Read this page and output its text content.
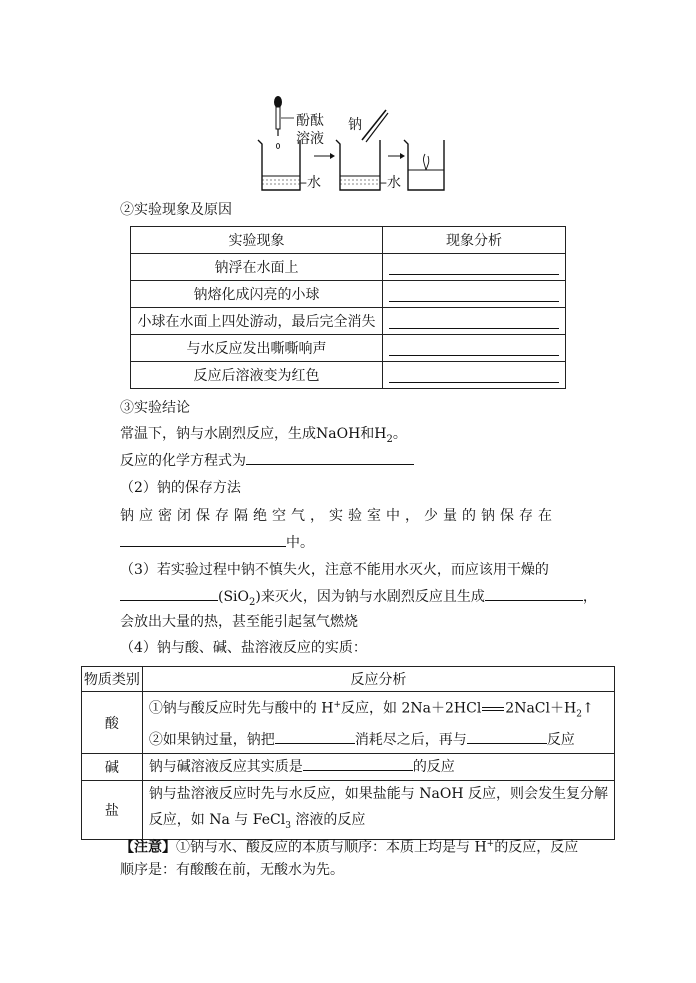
酚酞
溶液
钠
–水	–水
②实验现象及原因
实验现象	现象分析
钠浮在水面上	

钠熔化成闪亮的小球	

小球在水面上四处游动，最后完全消失	

与水反应发出嘶嘶响声	

反应后溶液变为红色	
③实验结论
常温下，钠与水剧烈反应，生成NaOH和$H_2$。
反应的化学方程式为
（2）钠的保存方法
钠应密闭保存隔绝空气，实验室中，少量的钠保存在
中。
（3）若实验过程中钠不慎失火，注意不能用水灭火，而应该用干燥的
(SiO$_2$)来灭火，因为钠与水剧烈反应且生成	，
会放出大量的热，甚至能引起氢气燃烧
（4）钠与酸、碱、盐溶液反应的实质：
物质类别	反应分析
酸	①钠与酸反应时先与酸中的 H+反应，如 2Na＋2HCl $2NaCl+H_2↑$
②如果钠过量，钠把 消耗尽之后，再与 反应

碱	钠与碱溶液反应其实质是 的反应

盐	钠与盐溶液反应时先与水反应，如果盐能与 NaOH 反应，则会发生复分解
反应，如 Na 与 FeCl$_3$ 溶液的反应
【注意】①钠与水、酸反应的本质与顺序：本质上均是与 H+的反应，反应
顺序是：有酸酸在前，无酸水为先。
